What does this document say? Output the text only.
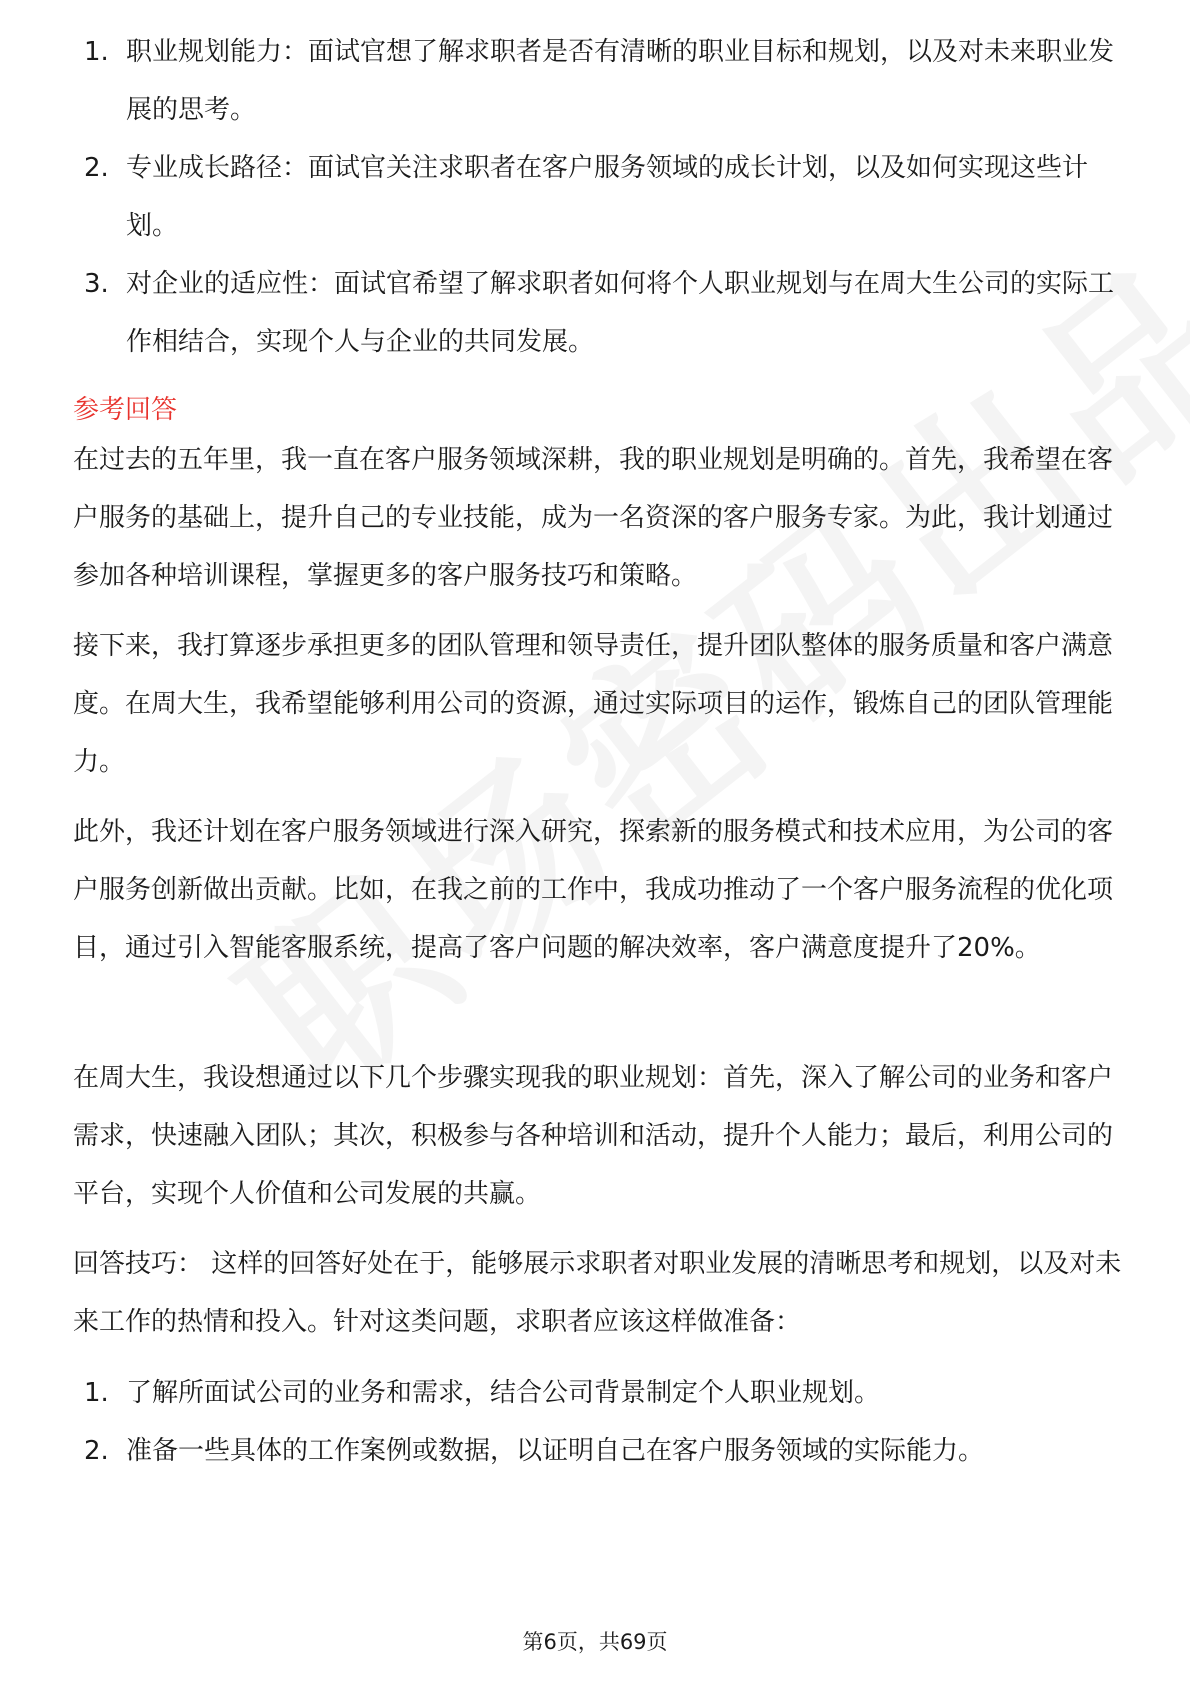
1. 职业规划能力：面试官想了解求职者是否有清晰的职业目标和规划，以及对未来职业发展的思考。
2. 专业成长路径：面试官关注求职者在客户服务领域的成长计划，以及如何实现这些计划。
3. 对企业的适应性：面试官希望了解求职者如何将个人职业规划与在周大生公司的实际工作相结合，实现个人与企业的共同发展。
参考回答
在过去的五年里，我一直在客户服务领域深耕，我的职业规划是明确的。首先，我希望在客户服务的基础上，提升自己的专业技能，成为一名资深的客户服务专家。为此，我计划通过参加各种培训课程，掌握更多的客户服务技巧和策略。
接下来，我打算逐步承担更多的团队管理和领导责任，提升团队整体的服务质量和客户满意度。在周大生，我希望能够利用公司的资源，通过实际项目的运作，锻炼自己的团队管理能力。
此外，我还计划在客户服务领域进行深入研究，探索新的服务模式和技术应用，为公司的客户服务创新做出贡献。比如，在我之前的工作中，我成功推动了一个客户服务流程的优化项目，通过引入智能客服系统，提高了客户问题的解决效率，客户满意度提升了20%。
在周大生，我设想通过以下几个步骤实现我的职业规划：首先，深入了解公司的业务和客户需求，快速融入团队；其次，积极参与各种培训和活动，提升个人能力；最后，利用公司的平台，实现个人价值和公司发展的共赢。
回答技巧： 这样的回答好处在于，能够展示求职者对职业发展的清晰思考和规划，以及对未来工作的热情和投入。针对这类问题，求职者应该这样做准备：
1. 了解所面试公司的业务和需求，结合公司背景制定个人职业规划。
2. 准备一些具体的工作案例或数据，以证明自己在客户服务领域的实际能力。
第6页，共69页
